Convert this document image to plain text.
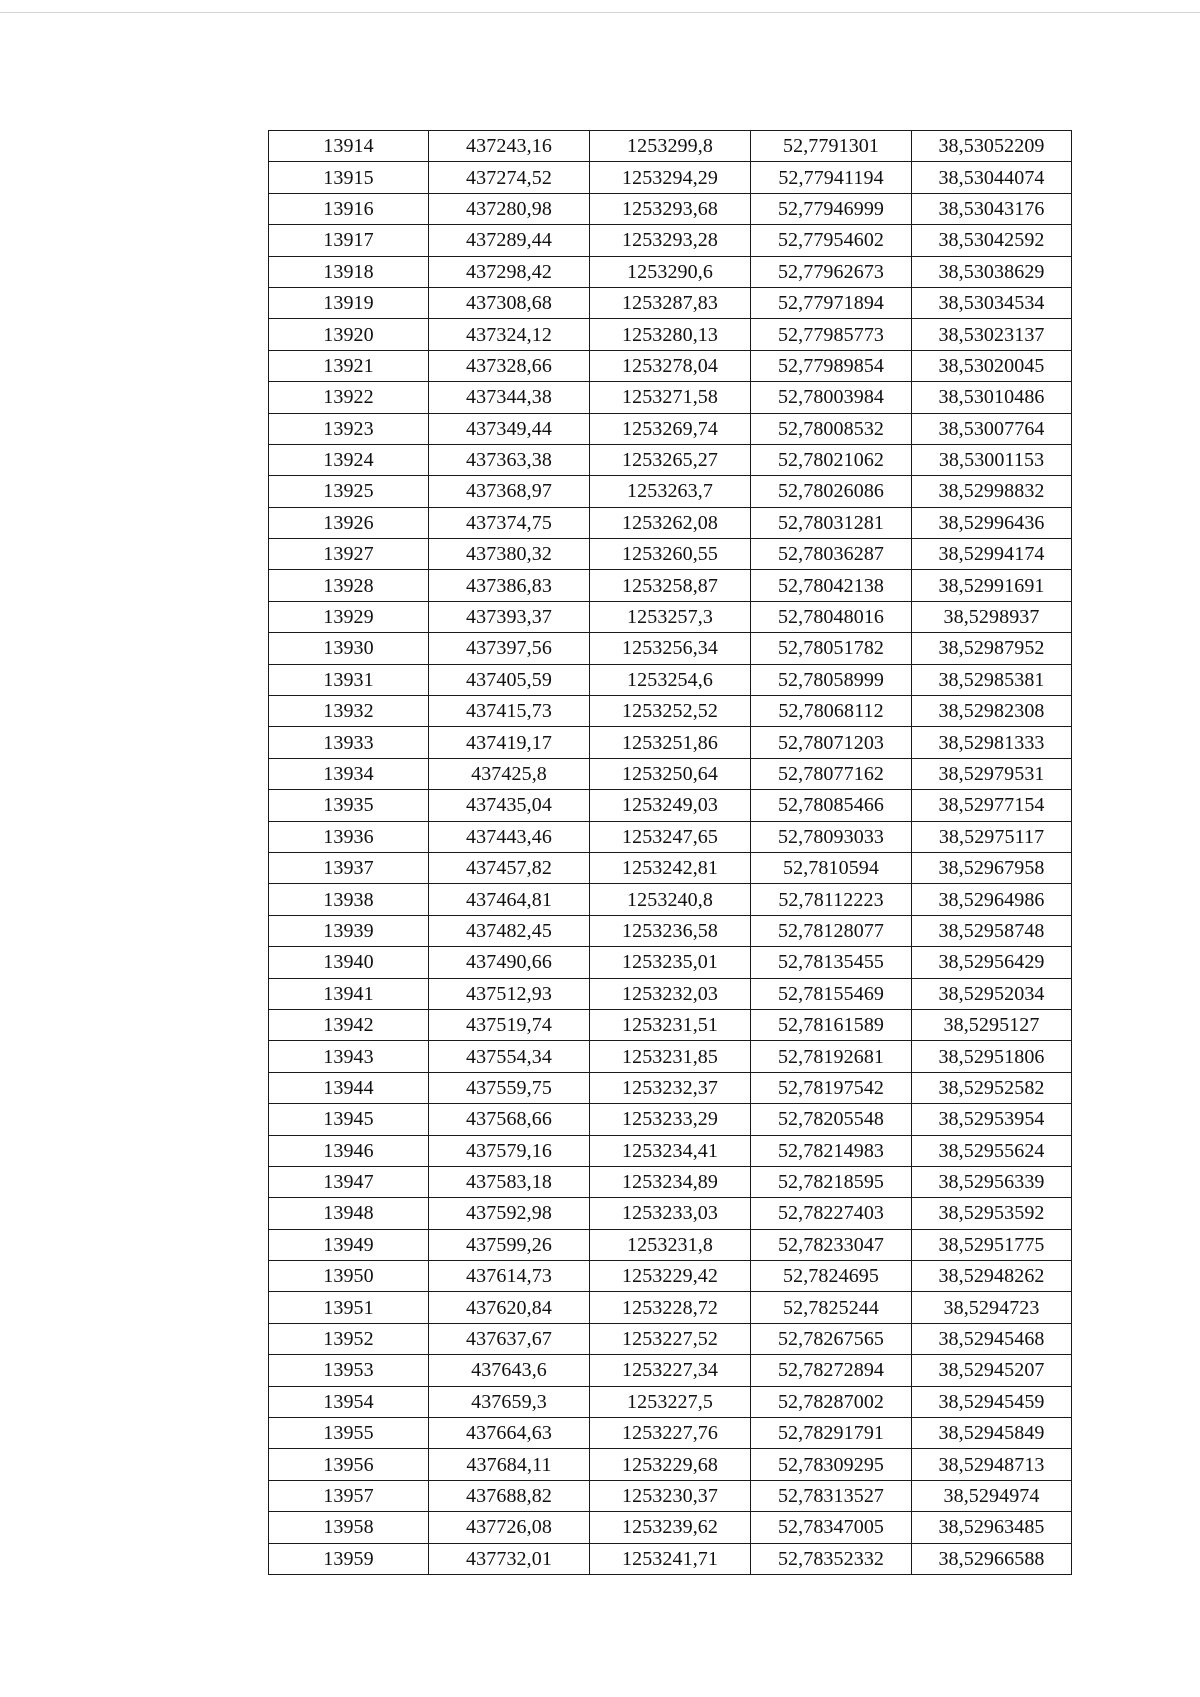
13914	437243,16	1253299,8	52,7791301	38,53052209
13915	437274,52	1253294,29	52,77941194	38,53044074
13916	437280,98	1253293,68	52,77946999	38,53043176
13917	437289,44	1253293,28	52,77954602	38,53042592
13918	437298,42	1253290,6	52,77962673	38,53038629
13919	437308,68	1253287,83	52,77971894	38,53034534
13920	437324,12	1253280,13	52,77985773	38,53023137
13921	437328,66	1253278,04	52,77989854	38,53020045
13922	437344,38	1253271,58	52,78003984	38,53010486
13923	437349,44	1253269,74	52,78008532	38,53007764
13924	437363,38	1253265,27	52,78021062	38,53001153
13925	437368,97	1253263,7	52,78026086	38,52998832
13926	437374,75	1253262,08	52,78031281	38,52996436
13927	437380,32	1253260,55	52,78036287	38,52994174
13928	437386,83	1253258,87	52,78042138	38,52991691
13929	437393,37	1253257,3	52,78048016	38,5298937
13930	437397,56	1253256,34	52,78051782	38,52987952
13931	437405,59	1253254,6	52,78058999	38,52985381
13932	437415,73	1253252,52	52,78068112	38,52982308
13933	437419,17	1253251,86	52,78071203	38,52981333
13934	437425,8	1253250,64	52,78077162	38,52979531
13935	437435,04	1253249,03	52,78085466	38,52977154
13936	437443,46	1253247,65	52,78093033	38,52975117
13937	437457,82	1253242,81	52,7810594	38,52967958
13938	437464,81	1253240,8	52,78112223	38,52964986
13939	437482,45	1253236,58	52,78128077	38,52958748
13940	437490,66	1253235,01	52,78135455	38,52956429
13941	437512,93	1253232,03	52,78155469	38,52952034
13942	437519,74	1253231,51	52,78161589	38,5295127
13943	437554,34	1253231,85	52,78192681	38,52951806
13944	437559,75	1253232,37	52,78197542	38,52952582
13945	437568,66	1253233,29	52,78205548	38,52953954
13946	437579,16	1253234,41	52,78214983	38,52955624
13947	437583,18	1253234,89	52,78218595	38,52956339
13948	437592,98	1253233,03	52,78227403	38,52953592
13949	437599,26	1253231,8	52,78233047	38,52951775
13950	437614,73	1253229,42	52,7824695	38,52948262
13951	437620,84	1253228,72	52,7825244	38,5294723
13952	437637,67	1253227,52	52,78267565	38,52945468
13953	437643,6	1253227,34	52,78272894	38,52945207
13954	437659,3	1253227,5	52,78287002	38,52945459
13955	437664,63	1253227,76	52,78291791	38,52945849
13956	437684,11	1253229,68	52,78309295	38,52948713
13957	437688,82	1253230,37	52,78313527	38,5294974
13958	437726,08	1253239,62	52,78347005	38,52963485
13959	437732,01	1253241,71	52,78352332	38,52966588
